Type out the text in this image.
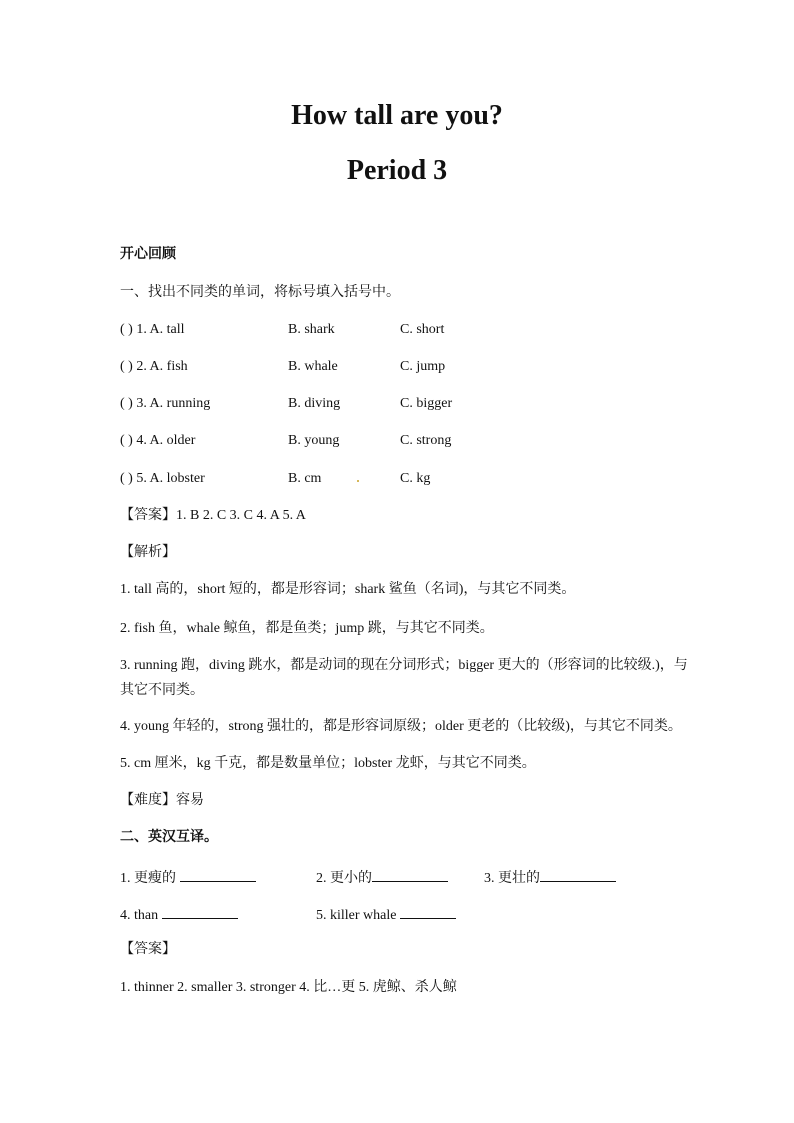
How tall are you?
Period 3
开心回顾
一、找出不同类的单词，将标号填入括号中。
( ) 1. A. tall	B. shark	C. short
( ) 2. A. fish	B. whale	C. jump
( ) 3. A. running	B. diving	C. bigger
( ) 4. A. older	B. young	C. strong
( ) 5. A. lobster	B. cm	C. kg
【答案】1. B 2. C 3. C 4. A 5. A
【解析】
1. tall 高的，short 短的，都是形容词；shark 鲨鱼（名词)，与其它不同类。
2. fish 鱼，whale 鲸鱼，都是鱼类；jump 跳，与其它不同类。
3. running 跑，diving 跳水，都是动词的现在分词形式；bigger 更大的（形容词的比较级.)，与其它不同类。
4. young 年轻的，strong 强壮的，都是形容词原级；older 更老的（比较级)，与其它不同类。
5. cm 厘米，kg 千克，都是数量单位；lobster 龙虾，与其它不同类。
【难度】容易
二、英汉互译。
1. 更瘦的	2. 更小的	3. 更壮的
4. than	5. killer whale
【答案】
1. thinner 2. smaller 3. stronger 4. 比…更 5. 虎鲸、杀人鲸
